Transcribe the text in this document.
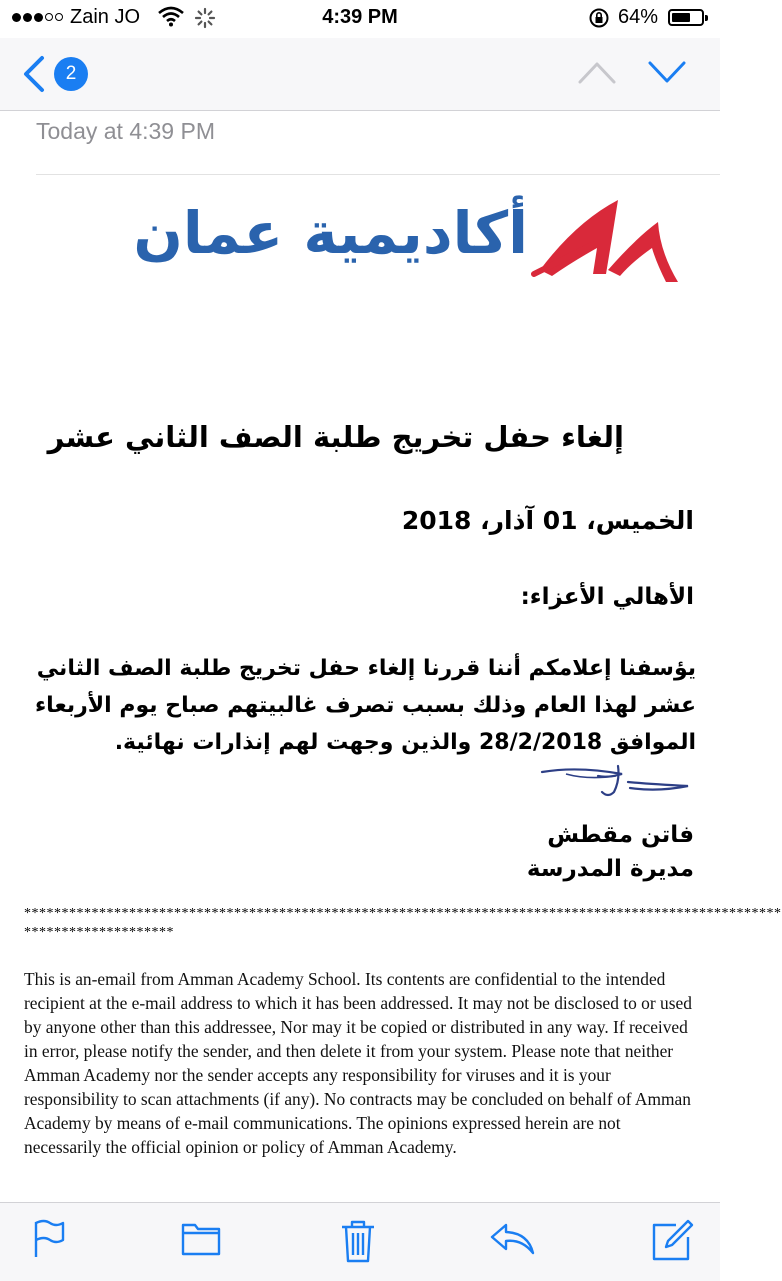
Zain JO	4:39 PM	64%
2
Today at 4:39 PM
أكاديمية عمان
إلغاء حفل تخريج طلبة الصف الثاني عشر
الخميس، 01 آذار، 2018
الأهالي الأعزاء:
يؤسفنا إعلامكم أننا قررنا إلغاء حفل تخريج طلبة الصف الثاني عشر لهذا العام وذلك بسبب تصرف غالبيتهم صباح يوم الأربعاء الموافق 28/2/2018 والذين وجهت لهم إنذارات نهائية.
فاتن مقطش
مديرة المدرسة
*****************************************************************************************************
********************
This is an-email from Amman Academy School. Its contents are confidential to the intended recipient at the e-mail address to which it has been addressed. It may not be disclosed to or used by anyone other than this addressee, Nor may it be copied or distributed in any way. If received in error, please notify the sender, and then delete it from your system. Please note that neither Amman Academy nor the sender accepts any responsibility for viruses and it is your responsibility to scan attachments (if any). No contracts may be concluded on behalf of Amman Academy by means of e-mail communications. The opinions expressed herein are not necessarily the official opinion or policy of Amman Academy.
